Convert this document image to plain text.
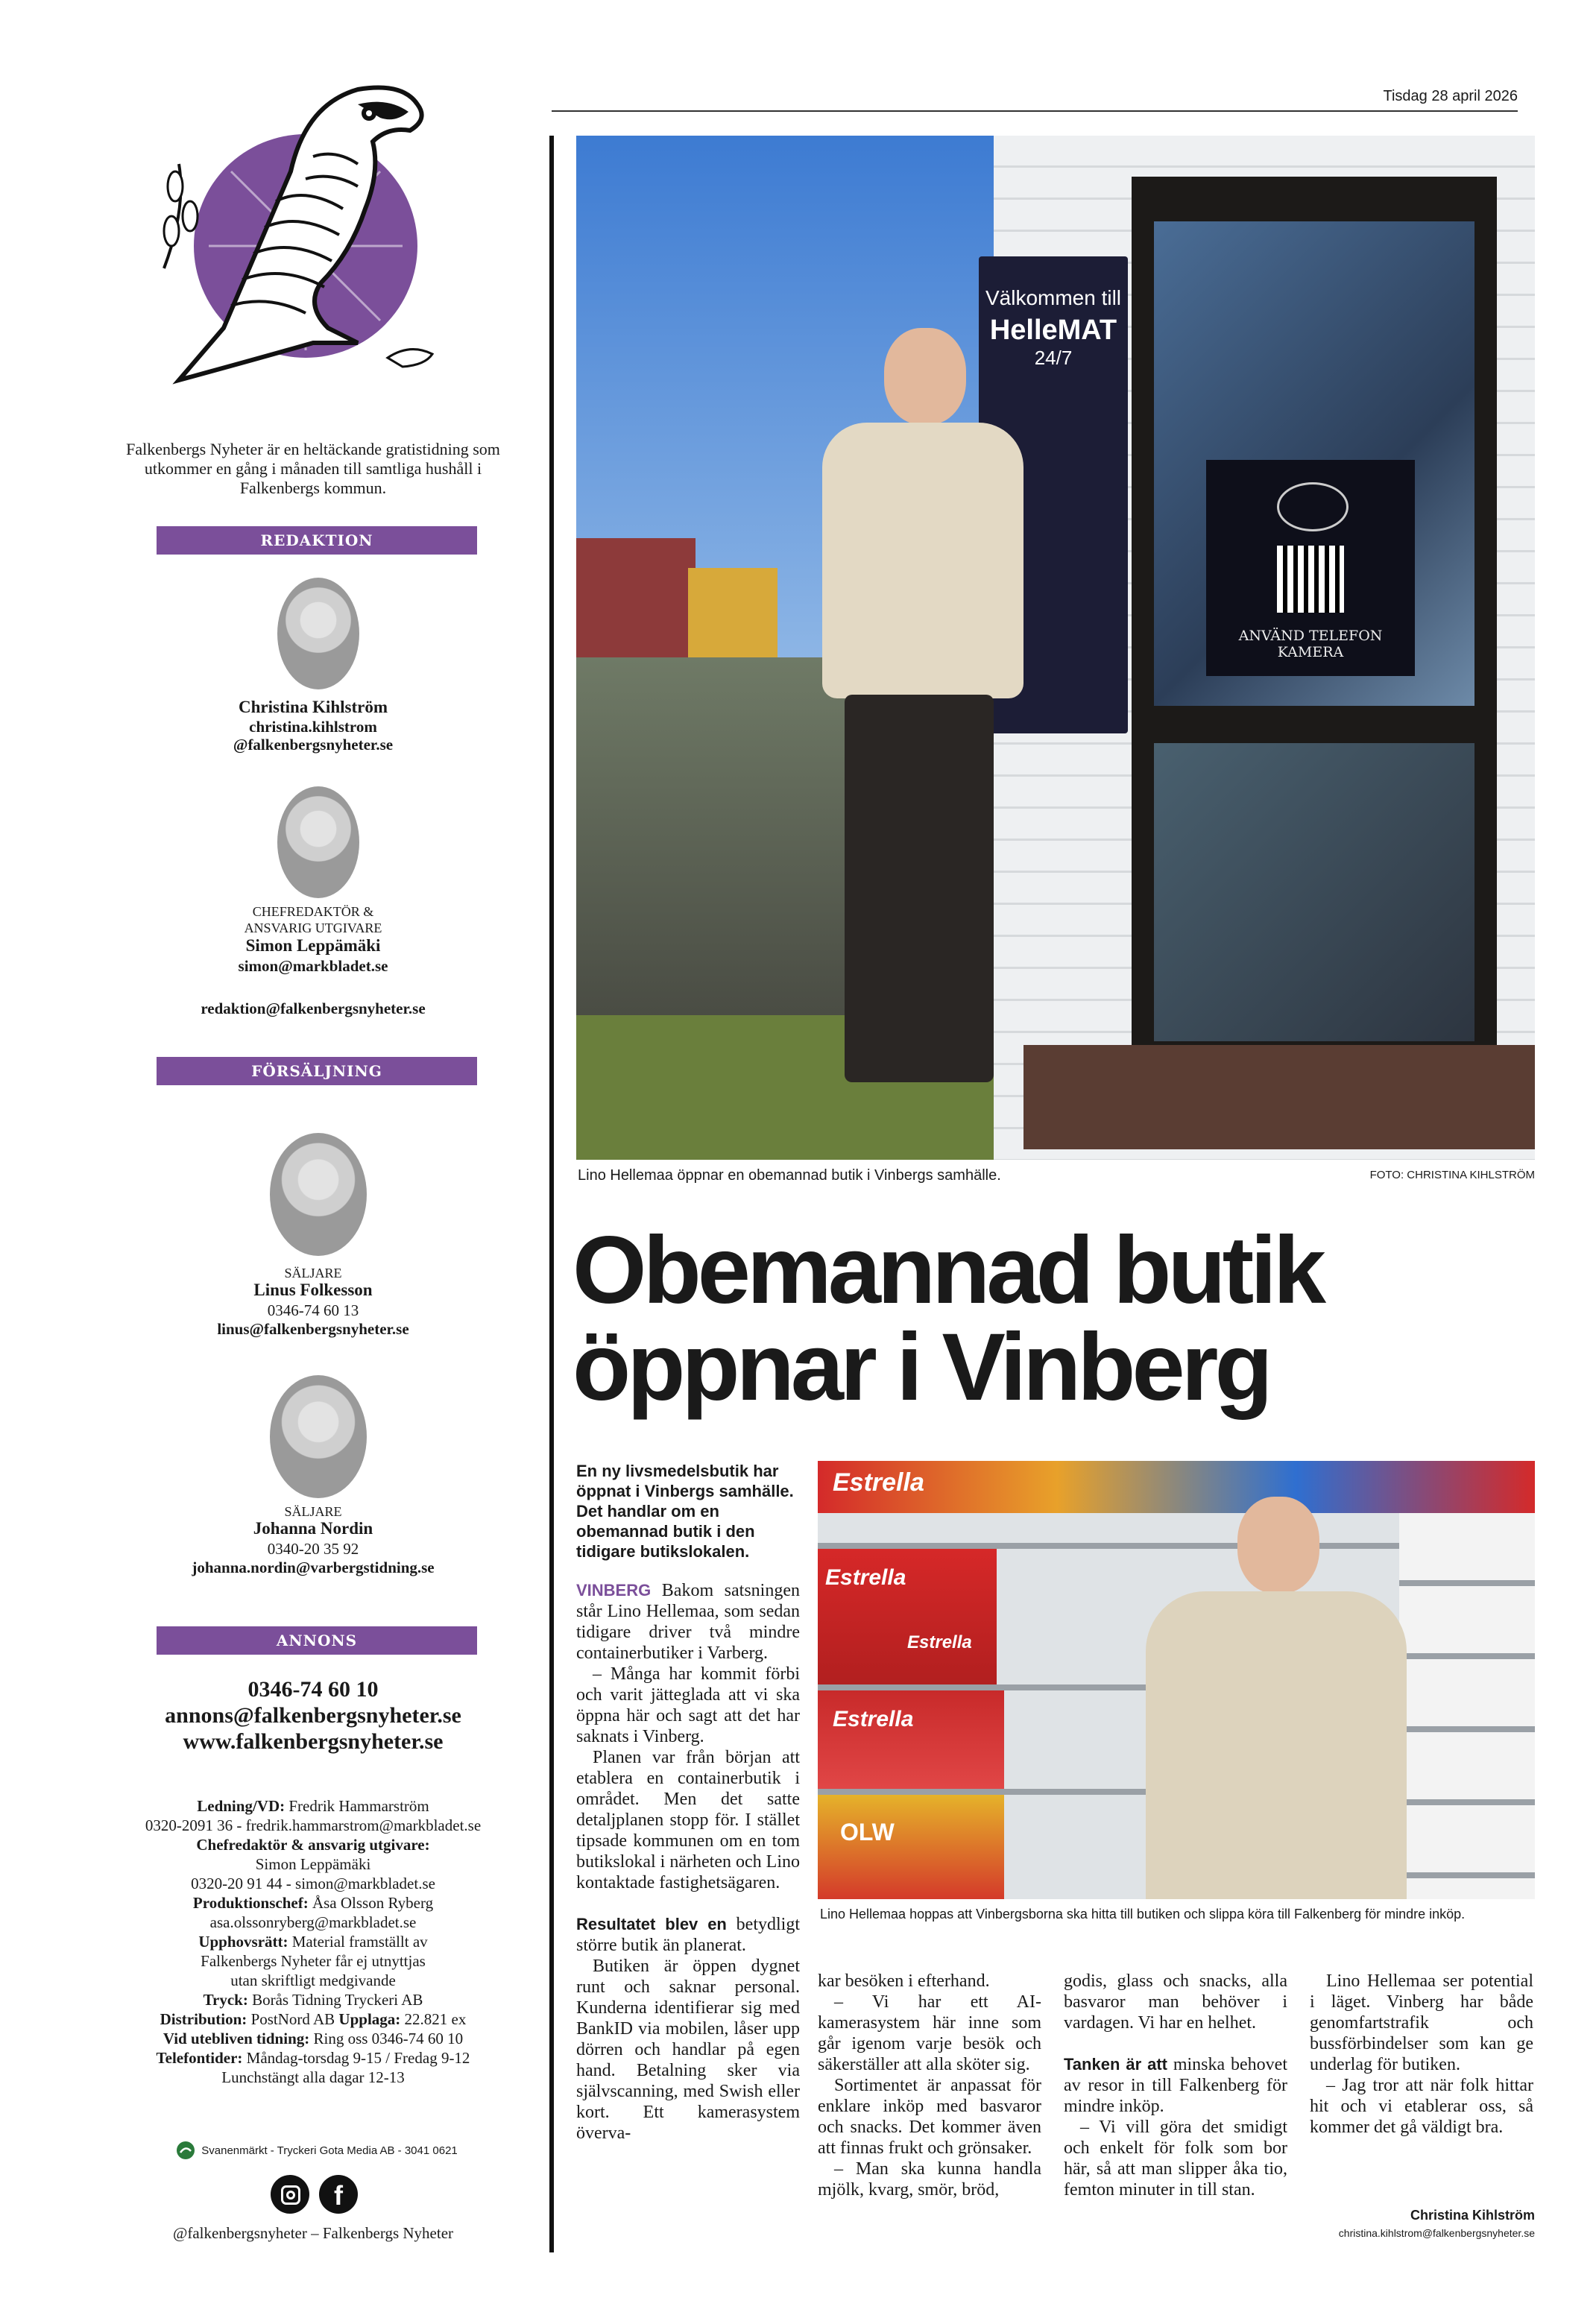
Falkenbergs Nyheter är en heltäckande gratistidning som utkommer en gång i månaden till samtliga hushåll i Falkenbergs kommun.
REDAKTION
Christina Kihlström
christina.kihlstrom
@falkenbergsnyheter.se
CHEFREDAKTÖR &
ANSVARIG UTGIVARE
Simon Leppämäki
simon@markbladet.se
redaktion@falkenbergsnyheter.se
FÖRSÄLJNING
SÄLJARE
Linus Folkesson
0346-74 60 13
linus@falkenbergsnyheter.se
SÄLJARE
Johanna Nordin
0340-20 35 92
johanna.nordin@varbergstidning.se
ANNONS
0346-74 60 10
annons@falkenbergsnyheter.se
www.falkenbergsnyheter.se
Ledning/VD: Fredrik Hammarström
0320-2091 36 - fredrik.hammarstrom@markbladet.se
Chefredaktör & ansvarig utgivare:
Simon Leppämäki
0320-20 91 44 - simon@markbladet.se
Produktionschef: Åsa Olsson Ryberg
asa.olssonryberg@markbladet.se
Upphovsrätt: Material framställt av
Falkenbergs Nyheter får ej utnyttjas
utan skriftligt medgivande
Tryck: Borås Tidning Tryckeri AB
Distribution: PostNord AB Upplaga: 22.821 ex
Vid utebliven tidning: Ring oss 0346-74 60 10
Telefontider: Måndag-torsdag 9-15 / Fredag 9-12
Lunchstängt alla dagar 12-13
Svanenmärkt - Tryckeri Gota Media AB - 3041 0621
f
@falkenbergsnyheter – Falkenbergs Nyheter
Tisdag 28 april 2026
Välkommen till
HelleMAT
24/7
ANVÄND TELEFON KAMERA
Lino Hellemaa öppnar en obemannad butik i Vinbergs samhälle.	FOTO: CHRISTINA KIHLSTRÖM
Obemannad butik
öppnar i Vinberg
En ny livsmedelsbutik har öppnat i Vinbergs samhälle. Det handlar om en obemannad butik i den tidigare butikslokalen.

VINBERG Bakom satsningen står Lino Hellemaa, som sedan tidigare driver två mindre containerbutiker i Varberg.

– Många har kommit förbi och varit jätteglada att vi ska öppna här och sagt att det har saknats i Vinberg.

Planen var från början att etablera en containerbutik i området. Men det satte detaljplanen stopp för. I stället tipsade kommunen om en tom butikslokal i närheten och Lino kontaktade fastighetsägaren.

Resultatet blev en betydligt större butik än planerat.

Butiken är öppen dygnet runt och saknar personal. Kunderna identifierar sig med BankID via mobilen, låser upp dörren och handlar på egen hand. Betalning sker via självscanning, med Swish eller kort. Ett kamerasystem överva-

Estrella
Estrella
Estrella
OLW
Estrella
Lino Hellemaa hoppas att Vinbergsborna ska hitta till butiken och slippa köra till Falkenberg för mindre inköp.

kar besöken i efterhand.

– Vi har ett AI-kamerasystem här inne som går igenom varje besök och säkerställer att alla sköter sig.

Sortimentet är anpassat för enklare inköp med basvaror och snacks. Det kommer även att finnas frukt och grönsaker.

– Man ska kunna handla mjölk, kvarg, smör, bröd,

godis, glass och snacks, alla basvaror man behöver i vardagen. Vi har en helhet.

Tanken är att minska behovet av resor in till Falkenberg för mindre inköp.

– Vi vill göra det smidigt och enkelt för folk som bor här, så att man slipper åka tio, femton minuter in till stan.

Lino Hellemaa ser potential i läget. Vinberg har både genomfartstrafik och bussförbindelser som kan ge underlag för butiken.

– Jag tror att när folk hittar hit och vi etablerar oss, så kommer det gå väldigt bra.

Christina Kihlström
christina.kihlstrom@falkenbergsnyheter.se
